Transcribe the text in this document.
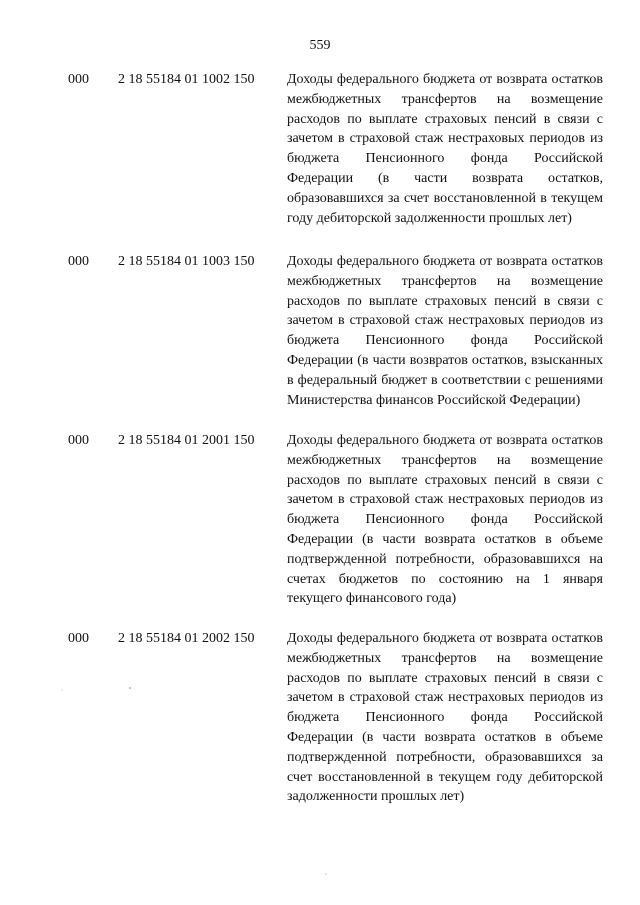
559
000 2 18 55184 01 1002 150 Доходы федерального бюджета от возврата остатков межбюджетных трансфертов на возмещение расходов по выплате страховых пенсий в связи с зачетом в страховой стаж нестраховых периодов из бюджета Пенсионного фонда Российской Федерации (в части возврата остатков, образовавшихся за счет восстановленной в текущем году дебиторской задолженности прошлых лет)
000 2 18 55184 01 1003 150 Доходы федерального бюджета от возврата остатков межбюджетных трансфертов на возмещение расходов по выплате страховых пенсий в связи с зачетом в страховой стаж нестраховых периодов из бюджета Пенсионного фонда Российской Федерации (в части возвратов остатков, взысканных в федеральный бюджет в соответствии с решениями Министерства финансов Российской Федерации)
000 2 18 55184 01 2001 150 Доходы федерального бюджета от возврата остатков межбюджетных трансфертов на возмещение расходов по выплате страховых пенсий в связи с зачетом в страховой стаж нестраховых периодов из бюджета Пенсионного фонда Российской Федерации (в части возврата остатков в объеме подтвержденной потребности, образовавшихся на счетах бюджетов по состоянию на 1 января текущего финансового года)
000 2 18 55184 01 2002 150 Доходы федерального бюджета от возврата остатков межбюджетных трансфертов на возмещение расходов по выплате страховых пенсий в связи с зачетом в страховой стаж нестраховых периодов из бюджета Пенсионного фонда Российской Федерации (в части возврата остатков в объеме подтвержденной потребности, образовавшихся за счет восстановленной в текущем году дебиторской задолженности прошлых лет)
